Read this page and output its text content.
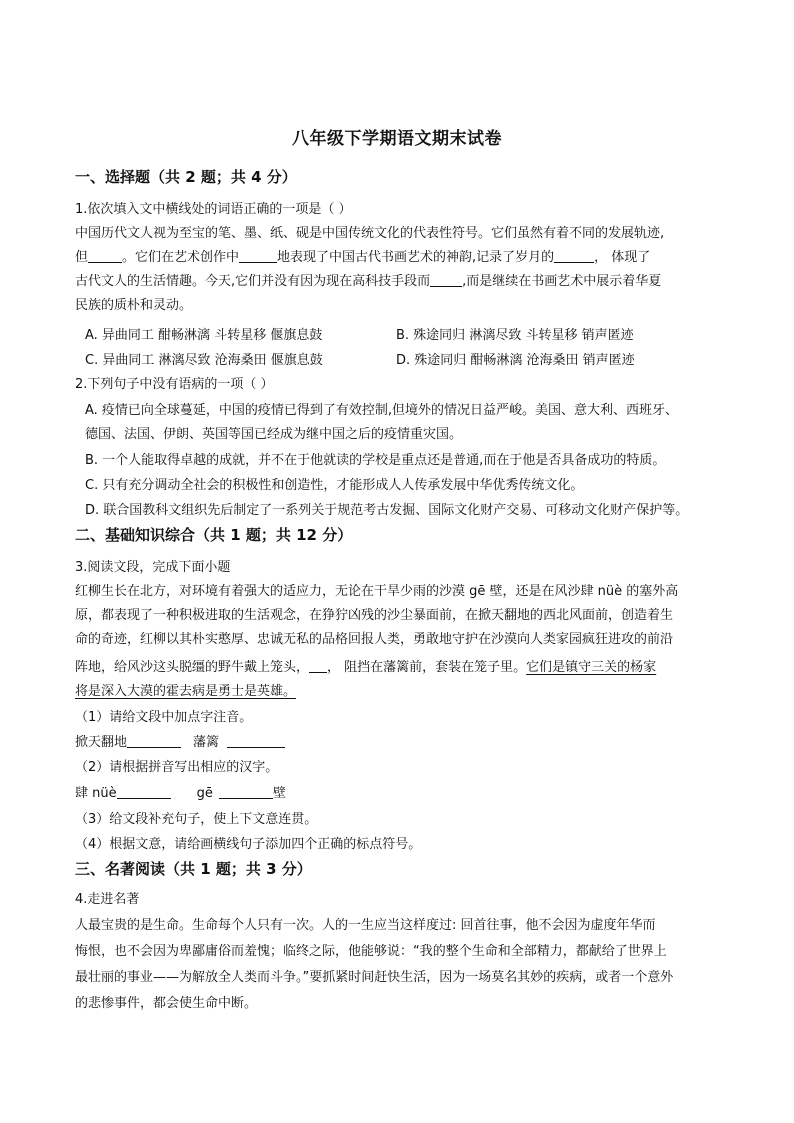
八年级下学期语文期末试卷
一、选择题（共 2 题；共 4 分）
1.依次填入文中横线处的词语正确的一项是（ ）
中国历代文人视为至宝的笔、墨、纸、砚是中国传统文化的代表性符号。它们虽然有着不同的发展轨迹,
但	。它们在艺术创作中	地表现了中国古代书画艺术的神韵,记录了岁月的	， 体现了
古代文人的生活情趣。今天,它们并没有因为现在高科技手段而 ,而是继续在书画艺术中展示着华夏
民族的质朴和灵动。
A. 异曲同工 酣畅淋漓 斗转星移 偃旗息鼓	B. 殊途同归 淋漓尽致 斗转星移 销声匿迹
C. 异曲同工 淋漓尽致 沧海桑田 偃旗息鼓	D. 殊途同归 酣畅淋漓 沧海桑田 销声匿迹
2.下列句子中没有语病的一项（ ）
A. 疫情已向全球蔓延，中国的疫情已得到了有效控制,但境外的情况日益严峻。美国、意大利、西班牙、
德国、法国、伊朗、英国等国已经成为继中国之后的疫情重灾国。
B. 一个人能取得卓越的成就，并不在于他就读的学校是重点还是普通,而在于他是否具备成功的特质。
C. 只有充分调动全社会的积极性和创造性，才能形成人人传承发展中华优秀传统文化。
D. 联合国教科文组织先后制定了一系列关于规范考古发掘、国际文化财产交易、可移动文化财产保护等。
二、基础知识综合（共 1 题；共 12 分）
3.阅读文段，完成下面小题
红柳生长在北方，对环境有着强大的适应力，无论在干旱少雨的沙漠 gē 壁，还是在风沙肆 nüè 的塞外高
原，都表现了一种积极进取的生活观念，在狰狞凶残的沙尘暴面前，在掀天翻地的西北风面前，创造着生
命的奇迹，红柳以其朴实憨厚、忠诚无私的品格回报人类，勇敢地守护在沙漠向人类家园疯狂进攻的前沿
阵地，给风沙这头脱缰的野牛戴上笼头， ， 阻挡在藩篱前，套装在笼子里。它们是镇守三关的杨家
将是深入大漠的霍去病是勇士是英雄。
（1）请给文段中加点字注音。
掀天翻地	藩篱
（2）请根据拼音写出相应的汉字。
肆 nüè	gē	壁
（3）给文段补充句子，使上下文意连贯。
（4）根据文意，请给画横线句子添加四个正确的标点符号。
三、名著阅读（共 1 题；共 3 分）
4.走进名著
人最宝贵的是生命。生命每个人只有一次。人的一生应当这样度过: 回首往事，他不会因为虚度年华而
悔恨，也不会因为卑鄙庸俗而羞愧；临终之际，他能够说：“我的整个生命和全部精力，都献给了世界上
最壮丽的事业——为解放全人类而斗争。”要抓紧时间赶快生活，因为一场莫名其妙的疾病，或者一个意外
的悲惨事件，都会使生命中断。
